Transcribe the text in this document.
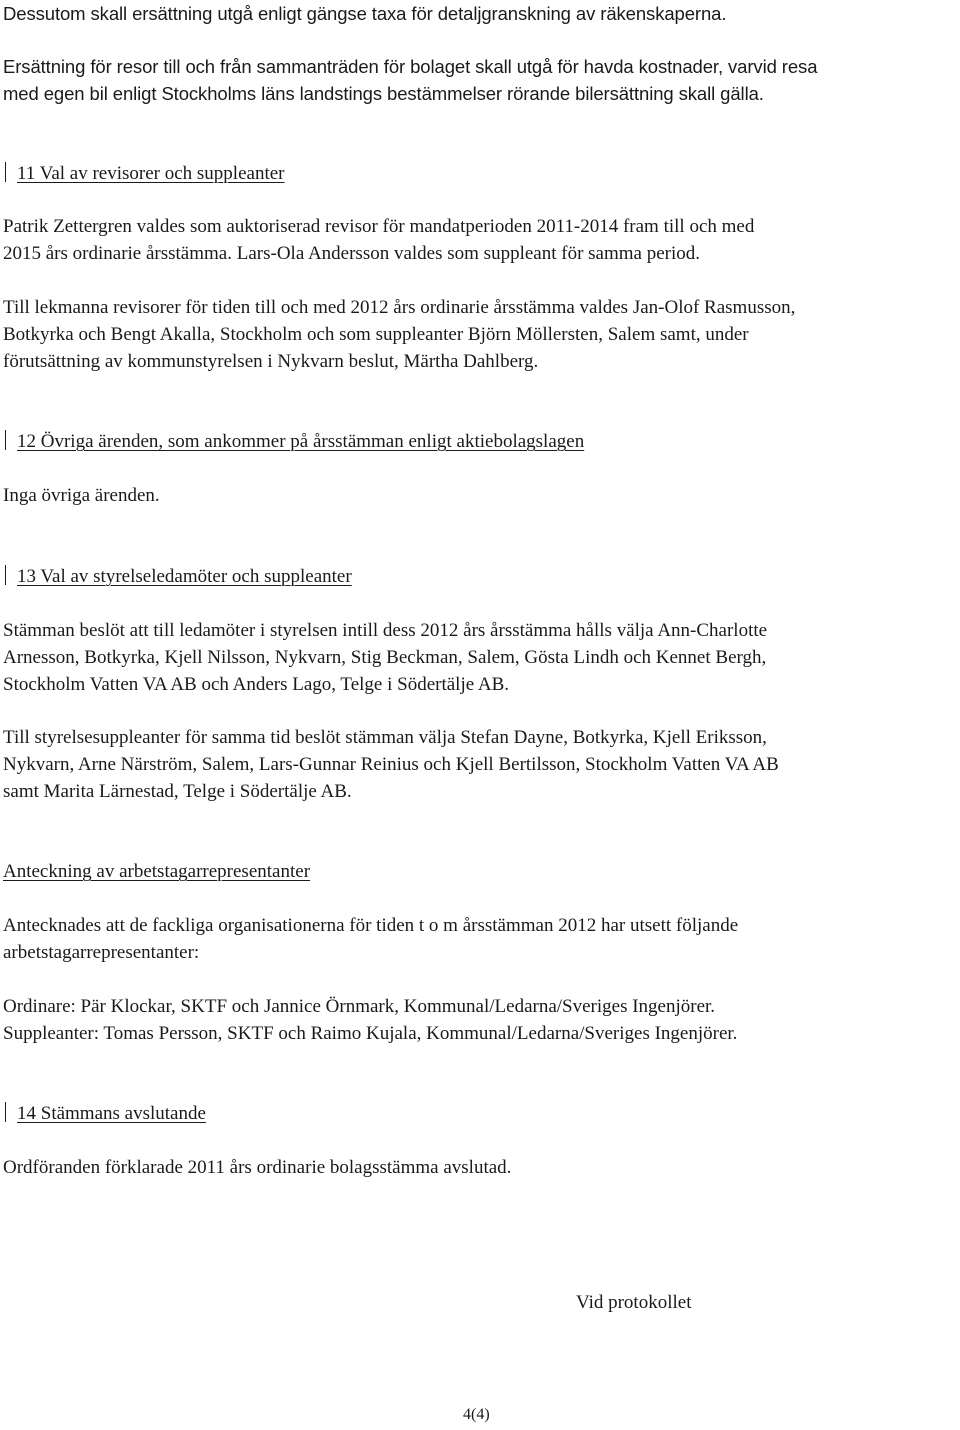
Dessutom skall ersättning utgå enligt gängse taxa för detaljgranskning av räkenskaperna.

Ersättning för resor till och från sammanträden för bolaget skall utgå för havda kostnader, varvid resa
med egen bil enligt Stockholms läns landstings bestämmelser rörande bilersättning skall gälla.

11 Val av revisorer och suppleanter

Patrik Zettergren valdes som auktoriserad revisor för mandatperioden 2011-2014 fram till och med
2015 års ordinarie årsstämma. Lars-Ola Andersson valdes som suppleant för samma period.

Till lekmanna revisorer för tiden till och med 2012 års ordinarie årsstämma valdes Jan-Olof Rasmusson,
Botkyrka och Bengt Akalla, Stockholm och som suppleanter Björn Möllersten, Salem samt, under
förutsättning av kommunstyrelsen i Nykvarn beslut, Märtha Dahlberg.

12 Övriga ärenden, som ankommer på årsstämman enligt aktiebolagslagen

Inga övriga ärenden.

13 Val av styrelseledamöter och suppleanter

Stämman beslöt att till ledamöter i styrelsen intill dess 2012 års årsstämma hålls välja Ann-Charlotte
Arnesson, Botkyrka, Kjell Nilsson, Nykvarn, Stig Beckman, Salem, Gösta Lindh och Kennet Bergh,
Stockholm Vatten VA AB och Anders Lago, Telge i Södertälje AB.

Till styrelsesuppleanter för samma tid beslöt stämman välja Stefan Dayne, Botkyrka, Kjell Eriksson,
Nykvarn, Arne Närström, Salem, Lars-Gunnar Reinius och Kjell Bertilsson, Stockholm Vatten VA AB
samt Marita Lärnestad, Telge i Södertälje AB.

Anteckning av arbetstagarrepresentanter

Antecknades att de fackliga organisationerna för tiden t o m årsstämman 2012 har utsett följande
arbetstagarrepresentanter:

Ordinare: Pär Klockar, SKTF och Jannice Örnmark, Kommunal/Ledarna/Sveriges Ingenjörer.
Suppleanter: Tomas Persson, SKTF och Raimo Kujala, Kommunal/Ledarna/Sveriges Ingenjörer.

14 Stämmans avslutande

Ordföranden förklarade 2011 års ordinarie bolagsstämma avslutad.

Vid protokollet
4(4)
